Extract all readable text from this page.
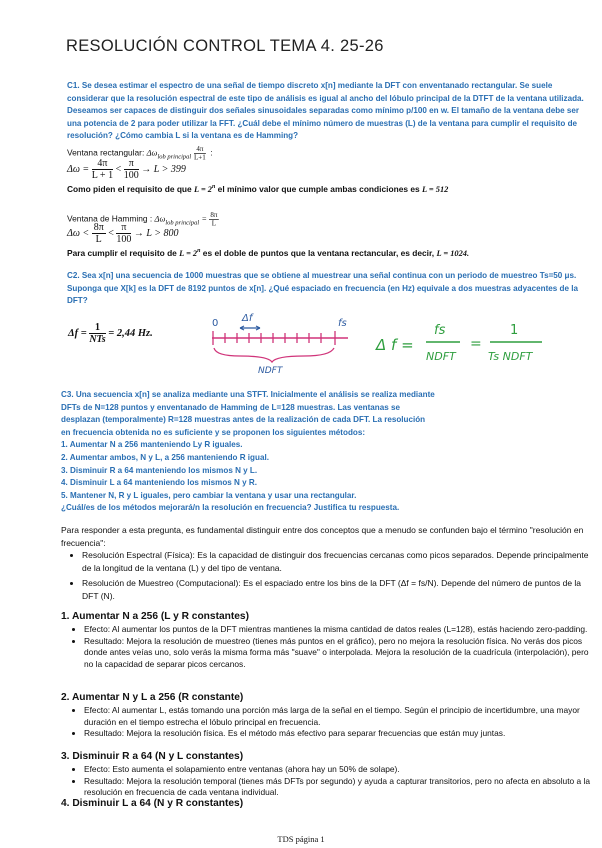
RESOLUCIÓN CONTROL TEMA 4. 25-26
C1. Se desea estimar el espectro de una señal de tiempo discreto x[n] mediante la DFT con enventanado rectangular. Se suele considerar que la resolución espectral de este tipo de análisis es igual al ancho del lóbulo principal de la DTFT de la ventana utilizada. Deseamos ser capaces de distinguir dos señales sinusoidales separadas como mínimo p/100 en w. El tamaño de la ventana debe ser una potencia de 2 para poder utilizar la FFT. ¿Cuál debe el mínimo número de muestras (L) de la ventana para cumplir el requisito de resolución? ¿Cómo cambia L si la ventana es de Hamming?
Ventana rectangular: $\Delta\omega_{lob principal} \frac{4\pi}{L+1}$ :
$\Delta\omega = \frac{4\pi}{L + 1} < \frac{\pi}{100} \to L > 399$
Como piden el requisito de que $L = 2^n$ el mínimo valor que cumple ambas condiciones es L = 512
Ventana de Hamming : $\Delta\omega_{lob principal} = \frac{8\pi}{L}$
$\Delta\omega < \frac{8\pi}{L} < \frac{\pi}{100} \to L > 800$
Para cumplir el requisito de $L = 2^n$ es el doble de puntos que la ventana rectancular, es decir, L = 1024.
C2. Sea x[n] una secuencia de 1000 muestras que se obtiene al muestrear una señal continua con un periodo de muestreo Ts=50 μs. Suponga que X[k] es la DFT de 8192 puntos de x[n]. ¿Qué espaciado en frecuencia (en Hz) equivale a dos muestras adyacentes de la DFT?
$\Delta f = \frac{1}{\text{NTs}} = 2,44$ Hz.
0 Δf	fs
NDFT
Δ f =
fs
NDFT
=
1
Ts NDFT
C3. Una secuencia x[n] se analiza mediante una STFT. Inicialmente el análisis se realiza mediante
DFTs de N=128 puntos y enventanado de Hamming de L=128 muestras. Las ventanas se
desplazan (temporalmente) R=128 muestras antes de la realización de cada DFT. La resolución
en frecuencia obtenida no es suficiente y se proponen los siguientes métodos:
1. Aumentar N a 256 manteniendo Ly R iguales.
2. Aumentar ambos, N y L, a 256 manteniendo R igual.
3. Disminuir R a 64 manteniendo los mismos N y L.
4. Disminuir L a 64 manteniendo los mismos N y R.
5. Mantener N, R y L iguales, pero cambiar la ventana y usar una rectangular.
¿Cuál/es de los métodos mejorará/n la resolución en frecuencia? Justifica tu respuesta.
Para responder a esta pregunta, es fundamental distinguir entre dos conceptos que a menudo se confunden bajo el término "resolución en frecuencia":
• Resolución Espectral (Física): Es la capacidad de distinguir dos frecuencias cercanas como picos separados. Depende principalmente de la longitud de la ventana (L) y del tipo de ventana.
• Resolución de Muestreo (Computacional): Es el espaciado entre los bins de la DFT (Δf = fs/N). Depende del número de puntos de la DFT (N).
1. Aumentar N a 256 (L y R constantes)
• Efecto: Al aumentar los puntos de la DFT mientras mantienes la misma cantidad de datos reales (L=128), estás haciendo zero-padding.
• Resultado: Mejora la resolución de muestreo (tienes más puntos en el gráfico), pero no mejora la resolución física. No verás dos picos donde antes veías uno, solo verás la misma forma más "suave" o interpolada. Mejora la resolución de la cuadrícula (interpolación), pero no la capacidad de separar picos cercanos.
2. Aumentar N y L a 256 (R constante)
• Efecto: Al aumentar L, estás tomando una porción más larga de la señal en el tiempo. Según el principio de incertidumbre, una mayor duración en el tiempo estrecha el lóbulo principal en frecuencia.
• Resultado: Mejora la resolución física. Es el método más efectivo para separar frecuencias que están muy juntas.
3. Disminuir R a 64 (N y L constantes)
• Efecto: Esto aumenta el solapamiento entre ventanas (ahora hay un 50% de solape).
• Resultado: Mejora la resolución temporal (tienes más DFTs por segundo) y ayuda a capturar transitorios, pero no afecta en absoluto a la resolución en frecuencia de cada ventana individual.
4. Disminuir L a 64 (N y R constantes)
TDS página 1
